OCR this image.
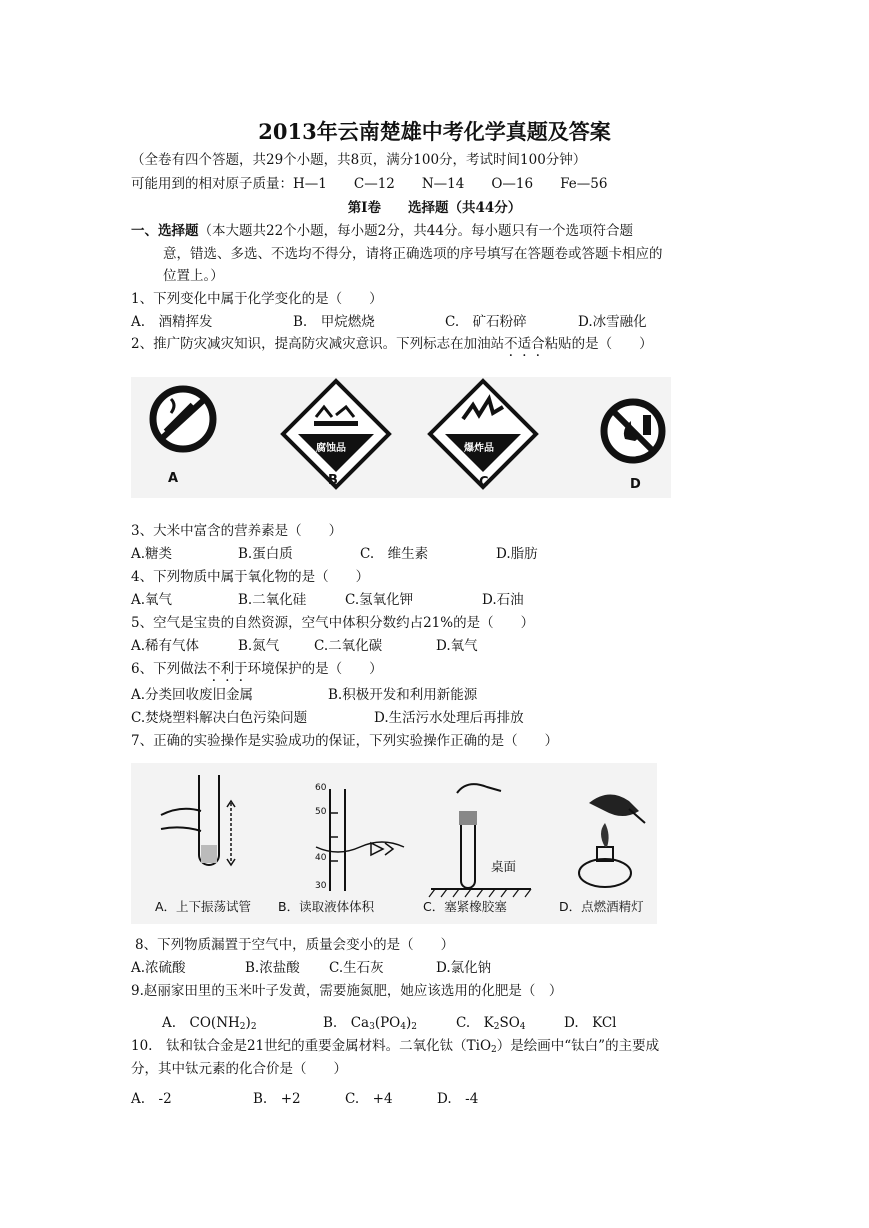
2013年云南楚雄中考化学真题及答案
（全卷有四个答题，共29个小题，共8页，满分100分，考试时间100分钟）
可能用到的相对原子质量：H—1　　C—12　　N—14　　O—16　　Fe—56
第Ⅰ卷　　选择题（共44分）
一、选择题（本大题共22个小题，每小题2分，共44分。每小题只有一个选项符合题
意，错选、多选、不选均不得分，请将正确选项的序号填写在答题卷或答题卡相应的
位置上。）
1、下列变化中属于化学变化的是（　　）
A.　酒精挥发	B.　甲烷燃烧	C.　矿石粉碎	D.冰雪融化
2、推广防灾减灾知识，提高防灾减灾意识。下列标志在加油站不适合粘贴的是（　　）
A	B	C	D
腐蚀品	爆炸品
3、大米中富含的营养素是（　　）
A.糖类	B.蛋白质	C.　维生素	D.脂肪
4、下列物质中属于氧化物的是（　　）
A.氧气	B.二氧化硅	C.氢氧化钾	D.石油
5、空气是宝贵的自然资源，空气中体积分数约占21%的是（　　）
A.稀有气体	B.氮气	C.二氧化碳	D.氧气
6、下列做法不利于环境保护的是（　　）
A.分类回收废旧金属	B.积极开发和利用新能源
C.焚烧塑料解决白色污染问题	D.生活污水处理后再排放
7、正确的实验操作是实验成功的保证，下列实验操作正确的是（　　）
A．上下振荡试管 B．读取液体体积	C．塞紧橡胶塞	D．点燃酒精灯
桌面
60
50
40
30
8、下列物质漏置于空气中，质量会变小的是（　　）
A.浓硫酸	B.浓盐酸 C.生石灰	D.氯化钠
9.赵丽家田里的玉米叶子发黄，需要施氮肥，她应该选用的化肥是（　）
A.　$CO(NH_2)_2$	B.　$Ca_3(PO_4)_2$	C.　$K_2SO_4$	D.　KCl
10.　钛和钛合金是21世纪的重要金属材料。二氧化钛（TiO$_2$）是绘画中“钛白”的主要成
分，其中钛元素的化合价是（　　）
A.　-2	B.　+2	C.　+4	D.　-4
